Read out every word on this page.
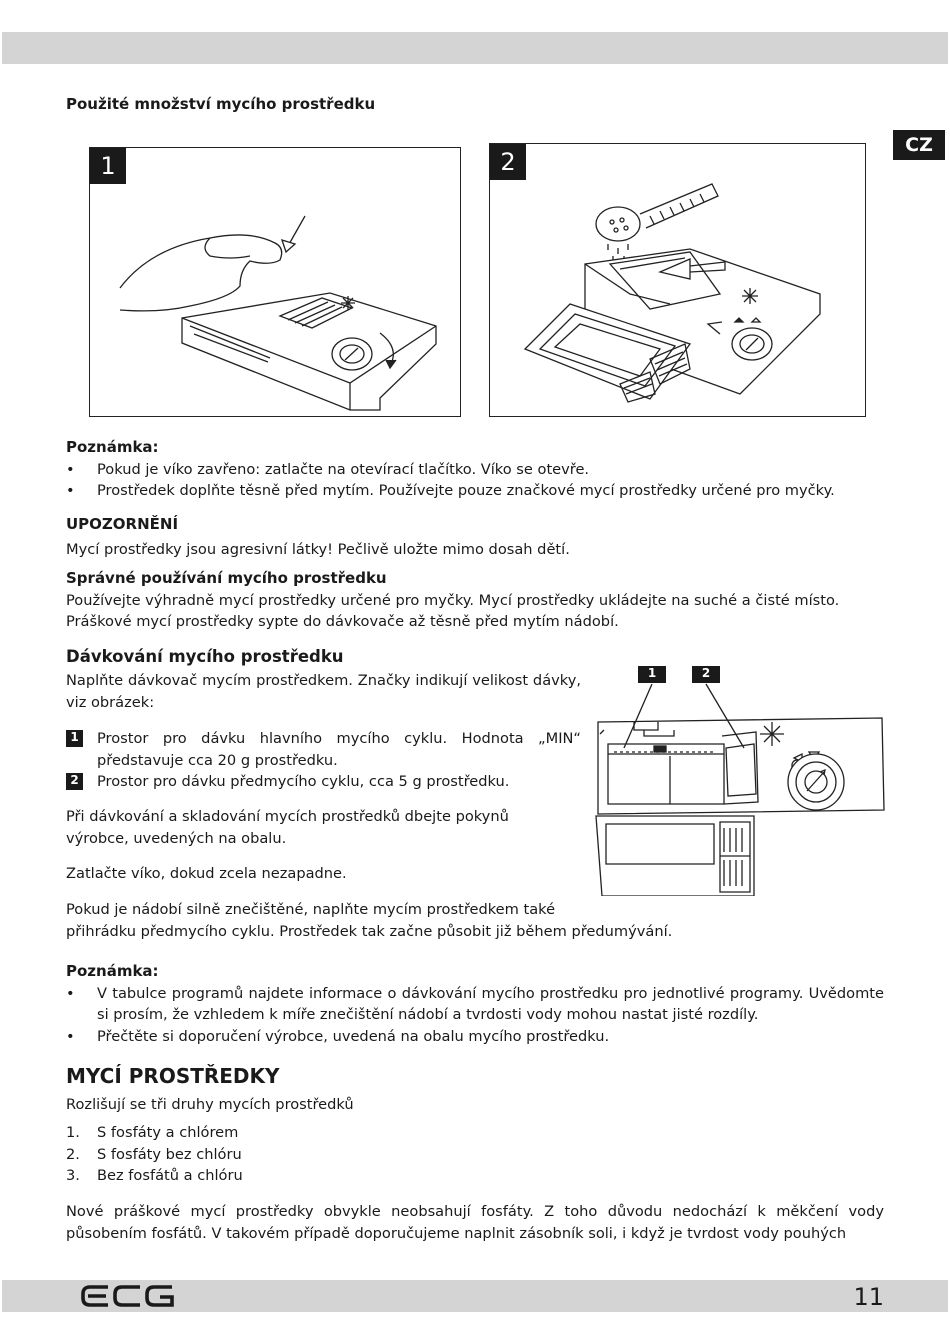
CZ
Použité množství mycího prostředku
1	2
Poznámka:
• Pokud je víko zavřeno: zatlačte na otevírací tlačítko. Víko se otevře.
• Prostředek doplňte těsně před mytím. Používejte pouze značkové mycí prostředky určené pro myčky.
UPOZORNĚNÍ
Mycí prostředky jsou agresivní látky! Pečlivě uložte mimo dosah dětí.
Správné používání mycího prostředku
Používejte výhradně mycí prostředky určené pro myčky. Mycí prostředky ukládejte na suché a čisté místo. Práškové mycí prostředky sypte do dávkovače až těsně před mytím nádobí.
Dávkování mycího prostředku
Naplňte dávkovač mycím prostředkem. Značky indikují velikost dávky, viz obrázek:
1 Prostor pro dávku hlavního mycího cyklu. Hodnota „MIN“ představuje cca 20 g prostředku.
2 Prostor pro dávku předmycího cyklu, cca 5 g prostředku.
Při dávkování a skladování mycích prostředků dbejte pokynů výrobce, uvedených na obalu.
Zatlačte víko, dokud zcela nezapadne.
Pokud je nádobí silně znečištěné, naplňte mycím prostředkem také
přihrádku předmycího cyklu. Prostředek tak začne působit již během předumývání.
1	2
Poznámka:
• V tabulce programů najdete informace o dávkování mycího prostředku pro jednotlivé programy. Uvědomte si prosím, že vzhledem k míře znečištění nádobí a tvrdosti vody mohou nastat jisté rozdíly.
• Přečtěte si doporučení výrobce, uvedená na obalu mycího prostředku.
MYCÍ PROSTŘEDKY
Rozlišují se tři druhy mycích prostředků
1. S fosfáty a chlórem
2. S fosfáty bez chlóru
3. Bez fosfátů a chlóru
Nové práškové mycí prostředky obvykle neobsahují fosfáty. Z toho důvodu nedochází k měkčení vody působením fosfátů. V takovém případě doporučujeme naplnit zásobník soli, i když je tvrdost vody pouhých
11
